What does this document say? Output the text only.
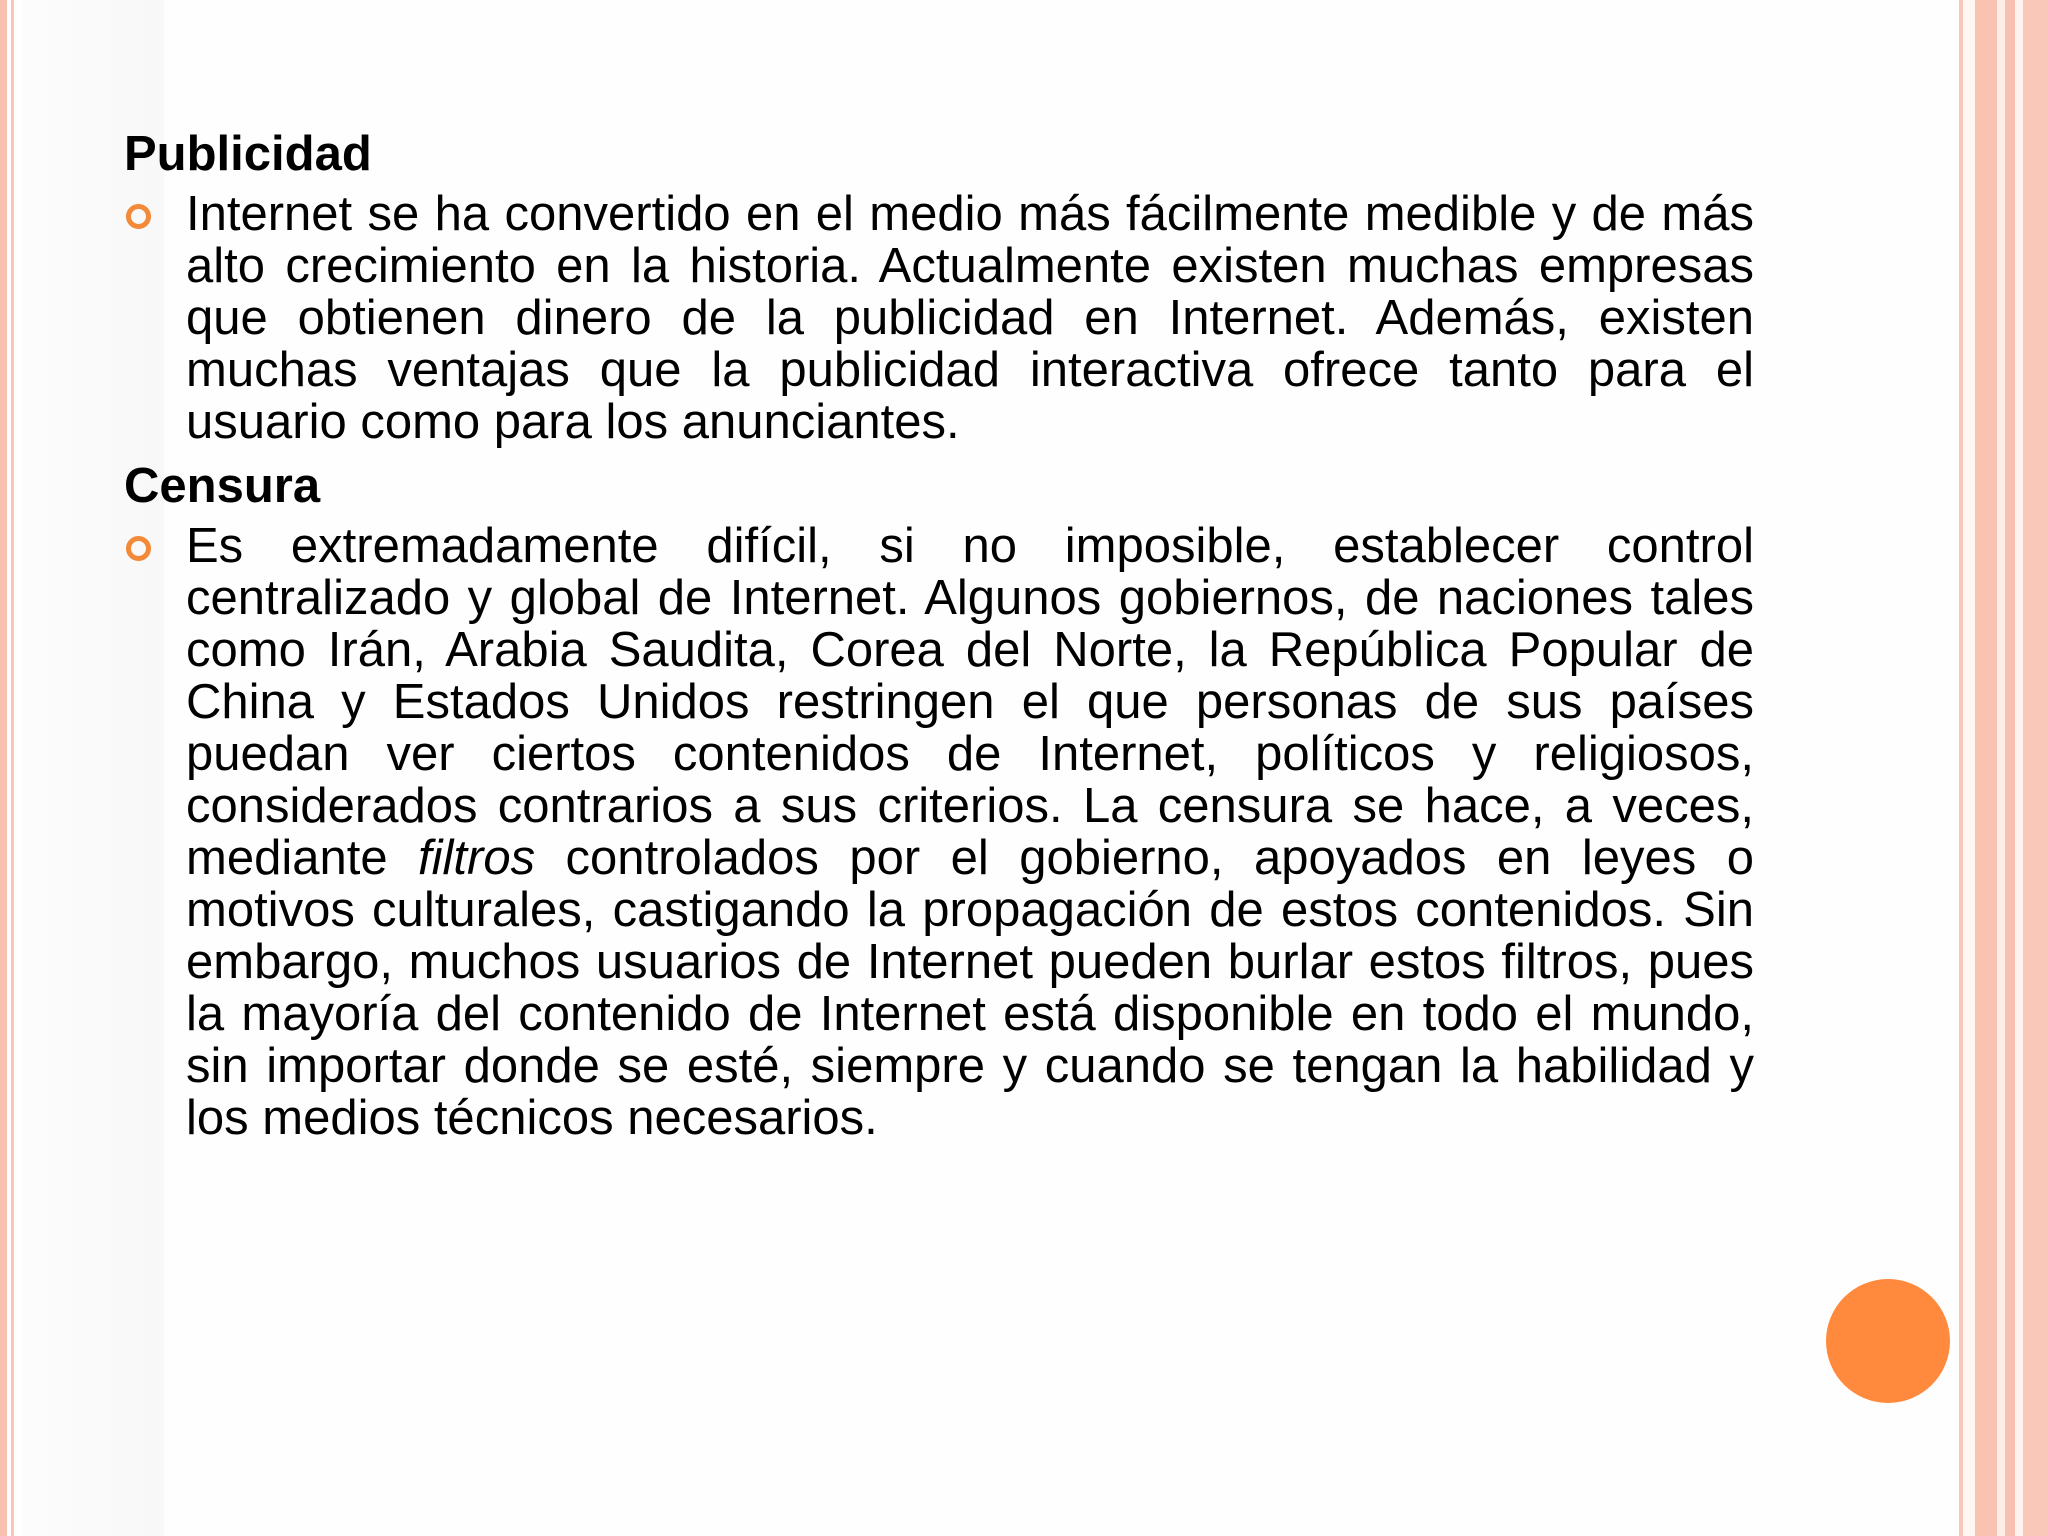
Publicidad

Internet se ha convertido en el medio más fácilmente medible y de más alto crecimiento en la historia. Actualmente existen muchas empresas que obtienen dinero de la publicidad en Internet. Además, existen muchas ventajas que la publicidad interactiva ofrece tanto para el usuario como para los anunciantes.

Censura

Es extremadamente difícil, si no imposible, establecer control centralizado y global de Internet. Algunos gobiernos, de naciones tales como Irán, Arabia Saudita, Corea del Norte, la República Popular de China y Estados Unidos restringen el que personas de sus países puedan ver ciertos contenidos de Internet, políticos y religiosos, considerados contrarios a sus criterios. La censura se hace, a veces, mediante filtros controlados por el gobierno, apoyados en leyes o motivos culturales, castigando la propagación de estos contenidos. Sin embargo, muchos usuarios de Internet pueden burlar estos filtros, pues la mayoría del contenido de Internet está disponible en todo el mundo, sin importar donde se esté, siempre y cuando se tengan la habilidad y los medios técnicos necesarios.
